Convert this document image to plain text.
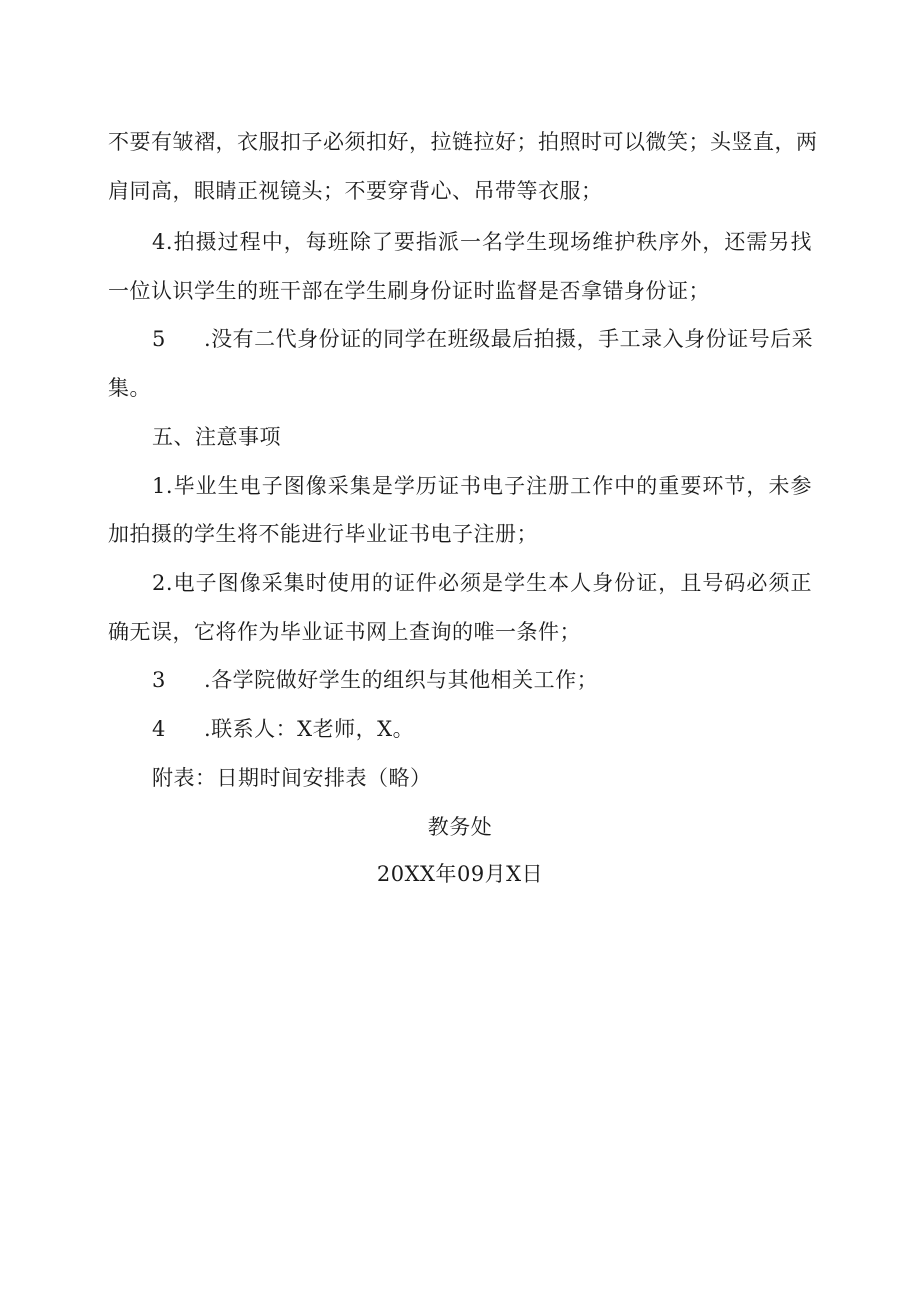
不要有皱褶，衣服扣子必须扣好，拉链拉好；拍照时可以微笑；头竖直，两
肩同高，眼睛正视镜头；不要穿背心、吊带等衣服；
4.拍摄过程中，每班除了要指派一名学生现场维护秩序外，还需另找
一位认识学生的班干部在学生刷身份证时监督是否拿错身份证；
5 .没有二代身份证的同学在班级最后拍摄，手工录入身份证号后采
集。
五、注意事项
1.毕业生电子图像采集是学历证书电子注册工作中的重要环节，未参
加拍摄的学生将不能进行毕业证书电子注册；
2.电子图像采集时使用的证件必须是学生本人身份证，且号码必须正
确无误，它将作为毕业证书网上查询的唯一条件；
3 .各学院做好学生的组织与其他相关工作；
4 .联系人：X老师，X。
附表：日期时间安排表（略）
教务处
20XX年09月X日
